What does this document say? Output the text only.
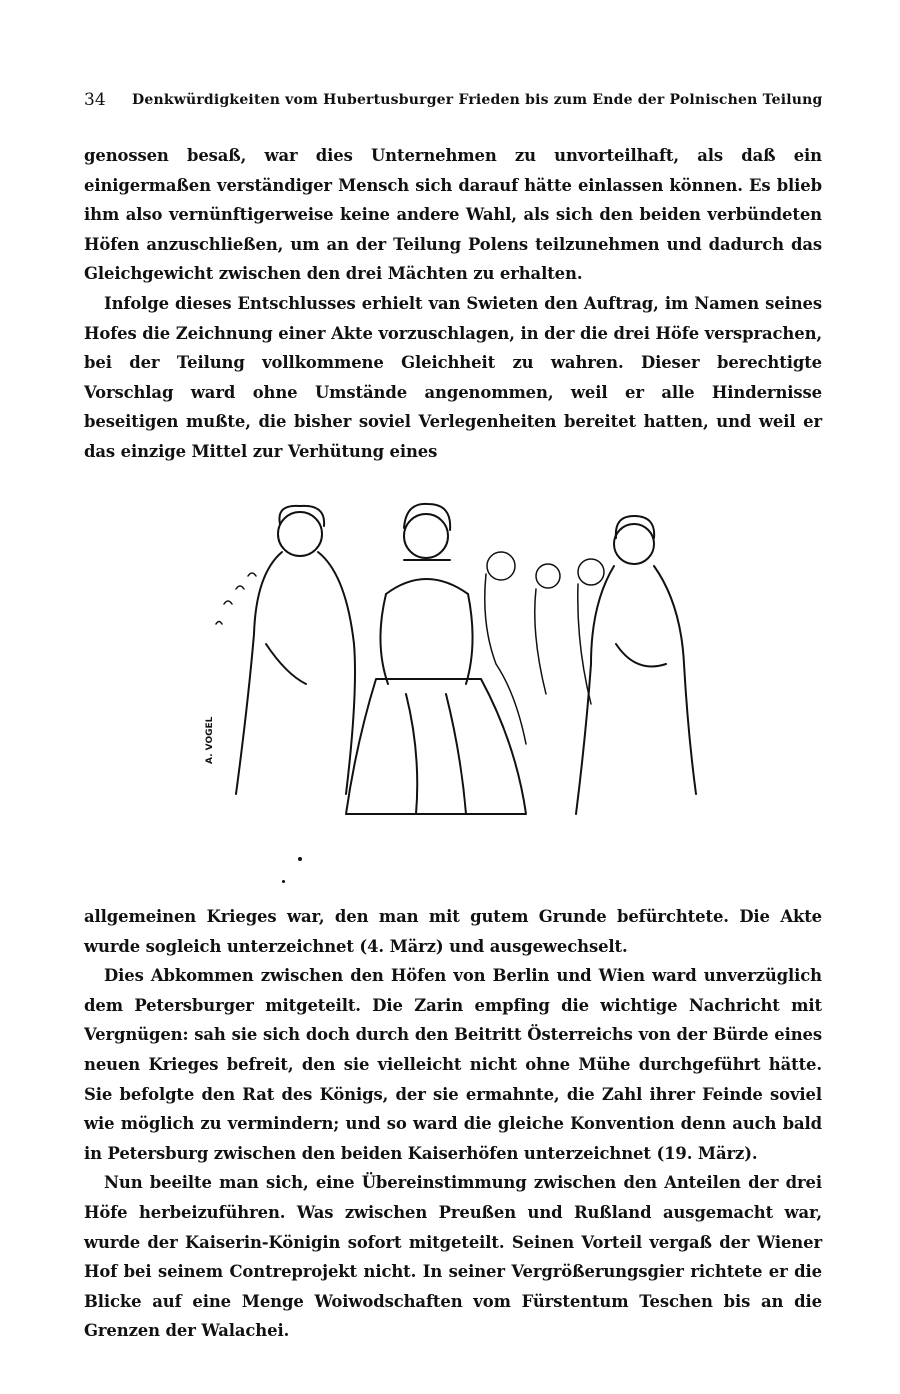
34 Denkwürdigkeiten vom Hubertusburger Frieden bis zum Ende der Polnischen Teilung

genossen besaß, war dies Unternehmen zu unvorteilhaft, als daß ein einigermaßen verständiger Mensch sich darauf hätte einlassen können. Es blieb ihm also vernünftigerweise keine andere Wahl, als sich den beiden verbündeten Höfen anzuschließen, um an der Teilung Polens teilzunehmen und dadurch das Gleichgewicht zwischen den drei Mächten zu erhalten.

Infolge dieses Entschlusses erhielt van Swieten den Auftrag, im Namen seines Hofes die Zeichnung einer Akte vorzuschlagen, in der die drei Höfe versprachen, bei der Teilung vollkommene Gleichheit zu wahren. Dieser berechtigte Vorschlag ward ohne Umstände angenommen, weil er alle Hindernisse beseitigen mußte, die bisher soviel Verlegenheiten bereitet hatten, und weil er das einzige Mittel zur Verhütung eines

A. VOGEL

allgemeinen Krieges war, den man mit gutem Grunde befürchtete. Die Akte wurde sogleich unterzeichnet (4. März) und ausgewechselt.

Dies Abkommen zwischen den Höfen von Berlin und Wien ward unverzüglich dem Petersburger mitgeteilt. Die Zarin empfing die wichtige Nachricht mit Vergnügen: sah sie sich doch durch den Beitritt Österreichs von der Bürde eines neuen Krieges befreit, den sie vielleicht nicht ohne Mühe durchgeführt hätte. Sie befolgte den Rat des Königs, der sie ermahnte, die Zahl ihrer Feinde soviel wie möglich zu vermindern; und so ward die gleiche Konvention denn auch bald in Petersburg zwischen den beiden Kaiserhöfen unterzeichnet (19. März).

Nun beeilte man sich, eine Übereinstimmung zwischen den Anteilen der drei Höfe herbeizuführen. Was zwischen Preußen und Rußland ausgemacht war, wurde der Kaiserin-Königin sofort mitgeteilt. Seinen Vorteil vergaß der Wiener Hof bei seinem Contreprojekt nicht. In seiner Vergrößerungsgier richtete er die Blicke auf eine Menge Woiwodschaften vom Fürstentum Teschen bis an die Grenzen der Walachei.
